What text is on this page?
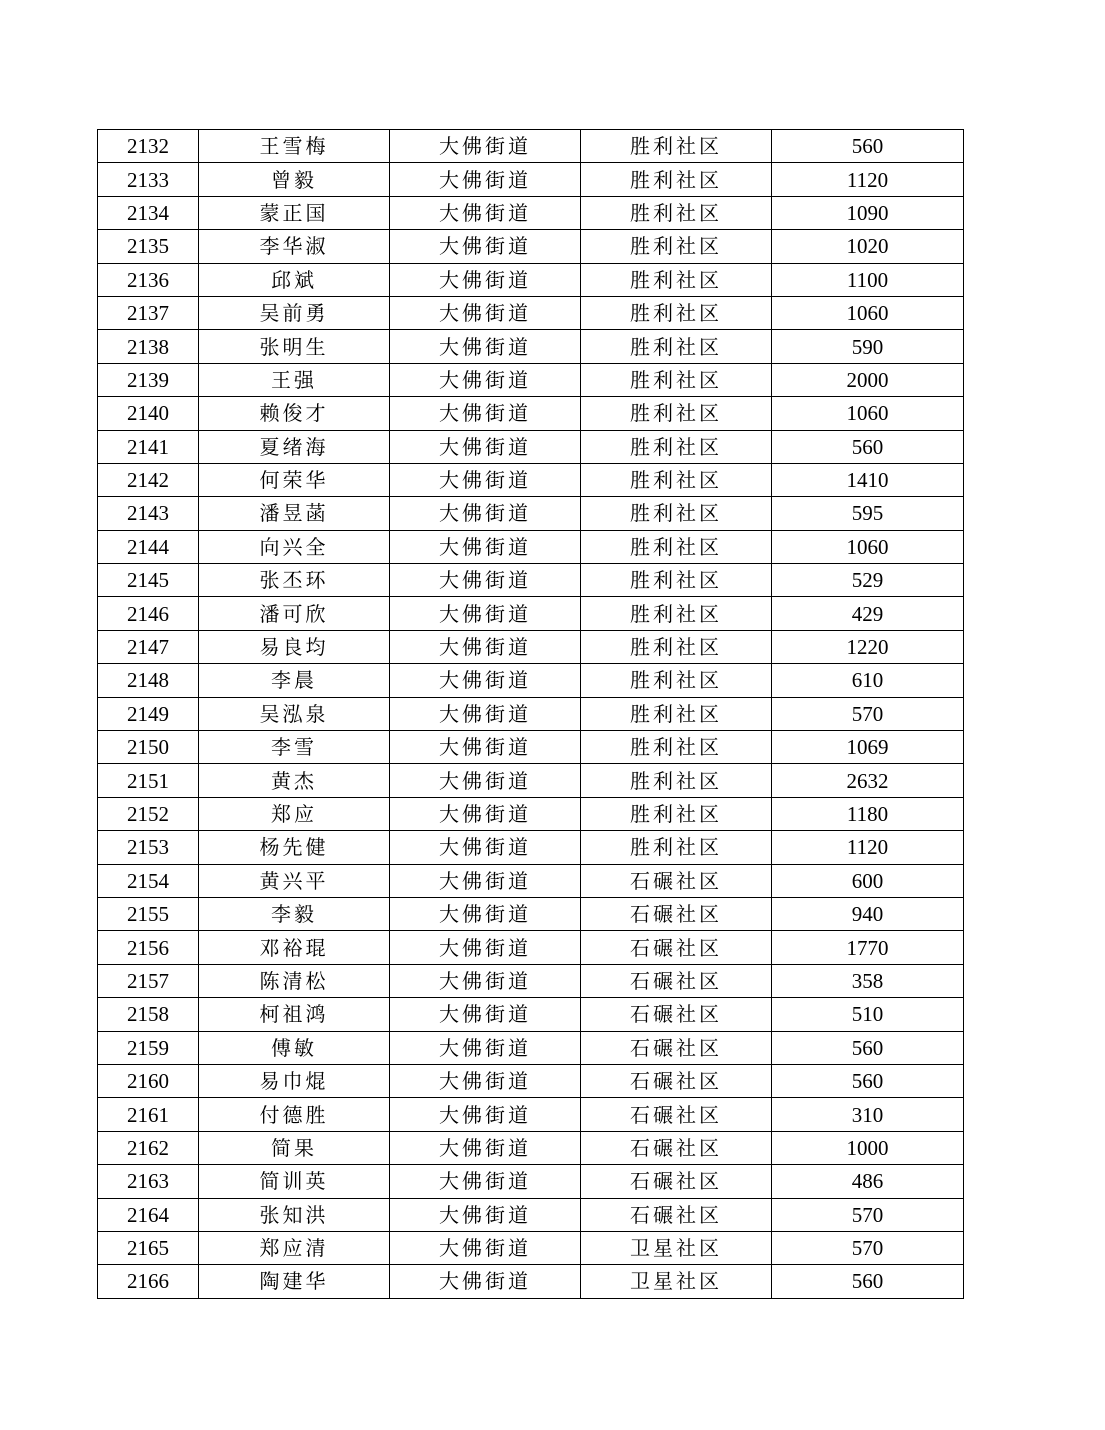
2132	王雪梅	大佛街道	胜利社区	560
2133	曾毅	大佛街道	胜利社区	1120
2134	蒙正国	大佛街道	胜利社区	1090
2135	李华淑	大佛街道	胜利社区	1020
2136	邱斌	大佛街道	胜利社区	1100
2137	吴前勇	大佛街道	胜利社区	1060
2138	张明生	大佛街道	胜利社区	590
2139	王强	大佛街道	胜利社区	2000
2140	赖俊才	大佛街道	胜利社区	1060
2141	夏绪海	大佛街道	胜利社区	560
2142	何荣华	大佛街道	胜利社区	1410
2143	潘昱菡	大佛街道	胜利社区	595
2144	向兴全	大佛街道	胜利社区	1060
2145	张丕环	大佛街道	胜利社区	529
2146	潘可欣	大佛街道	胜利社区	429
2147	易良均	大佛街道	胜利社区	1220
2148	李晨	大佛街道	胜利社区	610
2149	吴泓泉	大佛街道	胜利社区	570
2150	李雪	大佛街道	胜利社区	1069
2151	黄杰	大佛街道	胜利社区	2632
2152	郑应	大佛街道	胜利社区	1180
2153	杨先健	大佛街道	胜利社区	1120
2154	黄兴平	大佛街道	石碾社区	600
2155	李毅	大佛街道	石碾社区	940
2156	邓裕琨	大佛街道	石碾社区	1770
2157	陈清松	大佛街道	石碾社区	358
2158	柯祖鸿	大佛街道	石碾社区	510
2159	傅敏	大佛街道	石碾社区	560
2160	易巾焜	大佛街道	石碾社区	560
2161	付德胜	大佛街道	石碾社区	310
2162	简果	大佛街道	石碾社区	1000
2163	简训英	大佛街道	石碾社区	486
2164	张知洪	大佛街道	石碾社区	570
2165	郑应清	大佛街道	卫星社区	570
2166	陶建华	大佛街道	卫星社区	560
